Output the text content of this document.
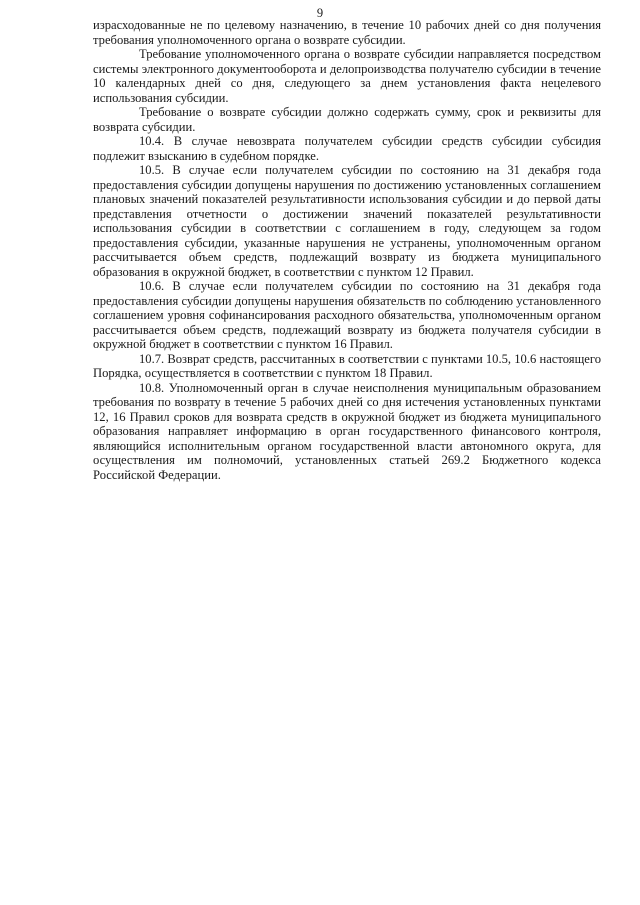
9

израсходованные не по целевому назначению, в течение 10 рабочих дней со дня получения требования уполномоченного органа о возврате субсидии.

Требование уполномоченного органа о возврате субсидии направляется посредством системы электронного документооборота и делопроизводства получателю субсидии в течение 10 календарных дней со дня, следующего за днем установления факта нецелевого использования субсидии.

Требование о возврате субсидии должно содержать сумму, срок и реквизиты для возврата субсидии.

10.4. В случае невозврата получателем субсидии средств субсидии субсидия подлежит взысканию в судебном порядке.

10.5. В случае если получателем субсидии по состоянию на 31 декабря года предоставления субсидии допущены нарушения по достижению установленных соглашением плановых значений показателей результативности использования субсидии и до первой даты представления отчетности о достижении значений показателей результативности использования субсидии в соответствии с соглашением в году, следующем за годом предоставления субсидии, указанные нарушения не устранены, уполномоченным органом рассчитывается объем средств, подлежащий возврату из бюджета муниципального образования в окружной бюджет, в соответствии с пунктом 12 Правил.

10.6. В случае если получателем субсидии по состоянию на 31 декабря года предоставления субсидии допущены нарушения обязательств по соблюдению установленного соглашением уровня софинансирования расходного обязательства, уполномоченным органом рассчитывается объем средств, подлежащий возврату из бюджета получателя субсидии в окружной бюджет в соответствии с пунктом 16 Правил.

10.7. Возврат средств, рассчитанных в соответствии с пунктами 10.5, 10.6 настоящего Порядка, осуществляется в соответствии с пунктом 18 Правил.

10.8. Уполномоченный орган в случае неисполнения муниципальным образованием требования по возврату в течение 5 рабочих дней со дня истечения установленных пунктами 12, 16 Правил сроков для возврата средств в окружной бюджет из бюджета муниципального образования направляет информацию в орган государственного финансового контроля, являющийся исполнительным органом государственной власти автономного округа, для осуществления им полномочий, установленных статьей 269.2 Бюджетного кодекса Российской Федерации.
